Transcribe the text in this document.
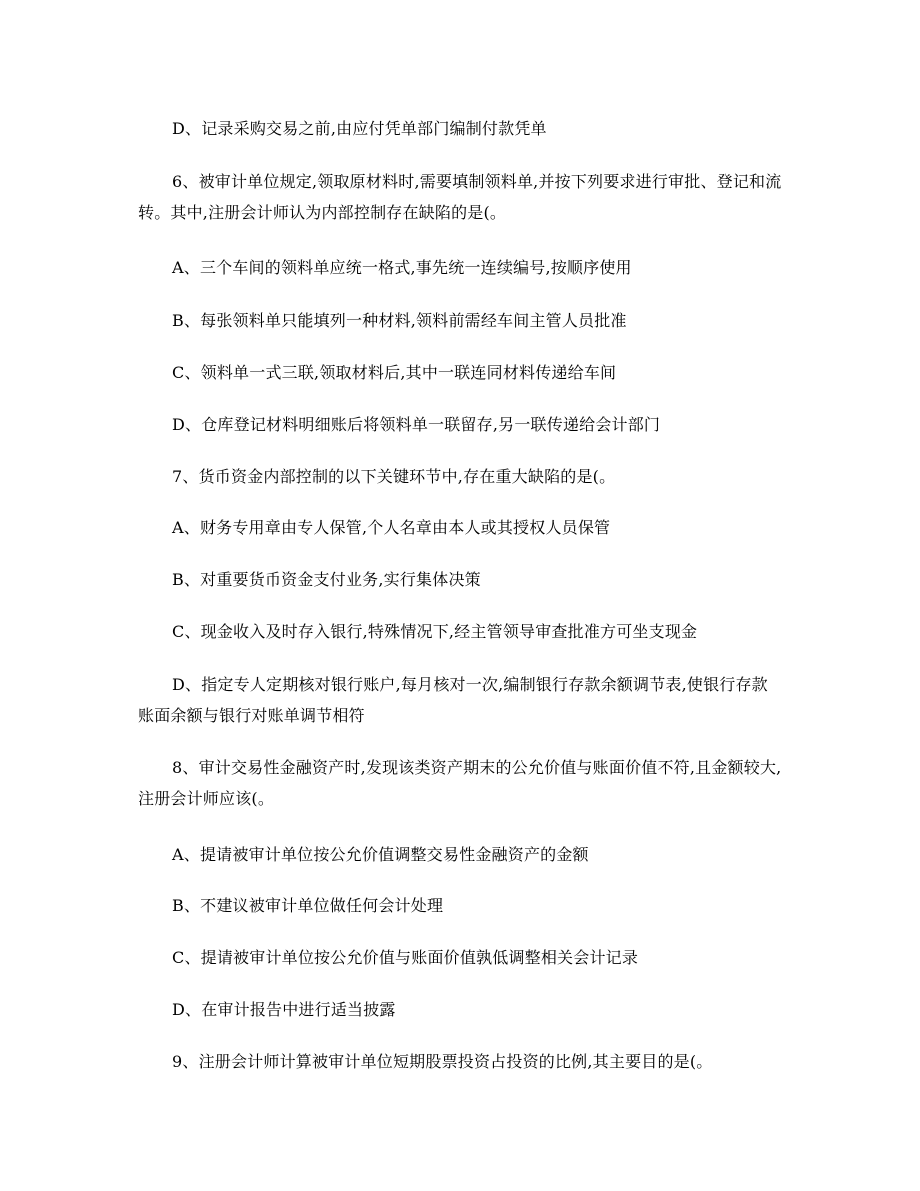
D、记录采购交易之前,由应付凭单部门编制付款凭单
6、被审计单位规定,领取原材料时,需要填制领料单,并按下列要求进行审批、登记和流转。其中,注册会计师认为内部控制存在缺陷的是(。
A、三个车间的领料单应统一格式,事先统一连续编号,按顺序使用
B、每张领料单只能填列一种材料,领料前需经车间主管人员批准
C、领料单一式三联,领取材料后,其中一联连同材料传递给车间
D、仓库登记材料明细账后将领料单一联留存,另一联传递给会计部门
7、货币资金内部控制的以下关键环节中,存在重大缺陷的是(。
A、财务专用章由专人保管,个人名章由本人或其授权人员保管
B、对重要货币资金支付业务,实行集体决策
C、现金收入及时存入银行,特殊情况下,经主管领导审查批准方可坐支现金
D、指定专人定期核对银行账户,每月核对一次,编制银行存款余额调节表,使银行存款账面余额与银行对账单调节相符
8、审计交易性金融资产时,发现该类资产期末的公允价值与账面价值不符,且金额较大,注册会计师应该(。
A、提请被审计单位按公允价值调整交易性金融资产的金额
B、不建议被审计单位做任何会计处理
C、提请被审计单位按公允价值与账面价值孰低调整相关会计记录
D、在审计报告中进行适当披露
9、注册会计师计算被审计单位短期股票投资占投资的比例,其主要目的是(。
